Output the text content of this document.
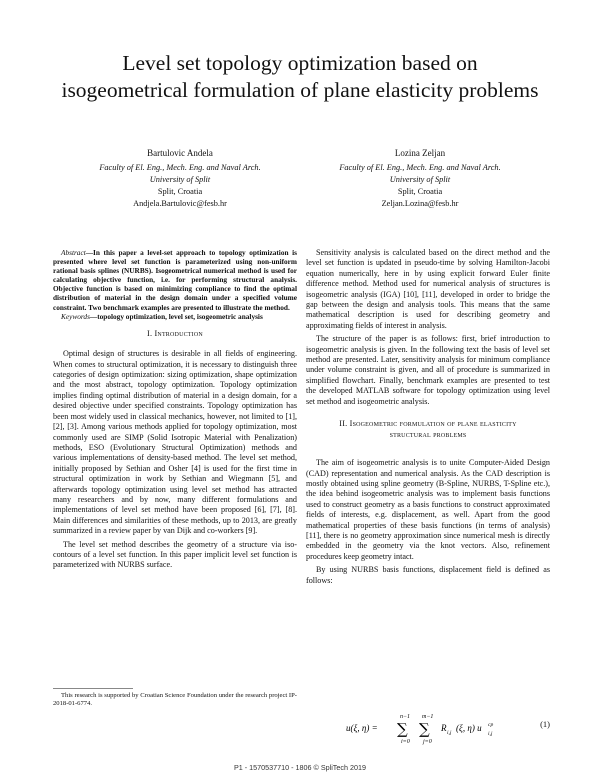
Level set topology optimization based on isogeometrical formulation of plane elasticity problems
Bartulovic Andela
Faculty of El. Eng., Mech. Eng. and Naval Arch.
University of Split
Split, Croatia
Andjela.Bartulovic@fesb.hr
Lozina Zeljan
Faculty of El. Eng., Mech. Eng. and Naval Arch.
University of Split
Split, Croatia
Zeljan.Lozina@fesb.hr

Abstract—In this paper a level-set approach to topology optimization is presented where level set function is parameterized using non-uniform rational basis splines (NURBS). Isogeometrical numerical method is used for calculating objective function, i.e. for performing structural analysis. Objective function is based on minimizing compliance to find the optimal distribution of material in the design domain under a specified volume constraint. Two benchmark examples are presented to illustrate the method.

Keywords—topology optimization, level set, isogeometric analysis

I. Introduction

Optimal design of structures is desirable in all fields of engineering. When comes to structural optimization, it is necessary to distinguish three categories of design optimization: sizing optimization, shape optimization and the most abstract, topology optimization. Topology optimization implies finding optimal distribution of material in a design domain, for a desired objective under specified constraints. Topology optimization has been most widely used in classical mechanics, however, not limited to [1], [2], [3]. Among various methods applied for topology optimization, most commonly used are SIMP (Solid Isotropic Material with Penalization) methods, ESO (Evolutionary Structural Optimization) methods and various implementations of density-based method. The level set method, initially proposed by Sethian and Osher [4] is used for the first time in structural optimization in work by Sethian and Wiegmann [5], and afterwards topology optimization using level set method has attracted many researchers and by now, many different formulations and implementations of level set method have been proposed [6], [7], [8]. Main differences and similarities of these methods, up to 2013, are greatly summarized in a review paper by van Dijk and co-workers [9].

The level set method describes the geometry of a structure via iso-contours of a level set function. In this paper implicit level set function is parameterized with NURBS surface.

This research is supported by Croatian Science Foundation under the research project IP-2018-01-6774.

Sensitivity analysis is calculated based on the direct method and the level set function is updated in pseudo-time by solving Hamilton-Jacobi equation numerically, here in by using explicit forward Euler finite difference method. Method used for numerical analysis of structures is isogeometric analysis (IGA) [10], [11], developed in order to bridge the gap between the design and analysis tools. This means that the same mathematical description is used for describing geometry and approximating fields of interest in analysis.

The structure of the paper is as follows: first, brief introduction to isogeometric analysis is given. In the following text the basis of level set method are presented. Later, sensitivity analysis for minimum compliance under volume constraint is given, and all of procedure is summarized in simplified flowchart. Finally, benchmark examples are presented to test the developed MATLAB software for topology optimization using level set method and isogeometric analysis.

II. Isogeometric formulation of plane elasticity
structural problems

The aim of isogeometric analysis is to unite Computer-Aided Design (CAD) representation and numerical analysis. As the CAD description is mostly obtained using spline geometry (B-Spline, NURBS, T-Spline etc.), the idea behind isogeometric analysis was to implement basis functions used to construct geometry as a basis functions to construct approximated fields of interests, e.g. displacement, as well. Apart from the good mathematical properties of these basis functions (in terms of analysis) [11], there is no geometry approximation since numerical mesh is directly embedded in the geometry via the knot vectors. Also, refinement procedures keep geometry intact.

By using NURBS basis functions, displacement field is defined as follows:

u(ξ, η) =
n−1
∑
i=0
m−1
∑
j=0
R i,j (ξ, η) u cp
i,j
(1)
P1 - 1570537710 - 1806 © SpliTech 2019
